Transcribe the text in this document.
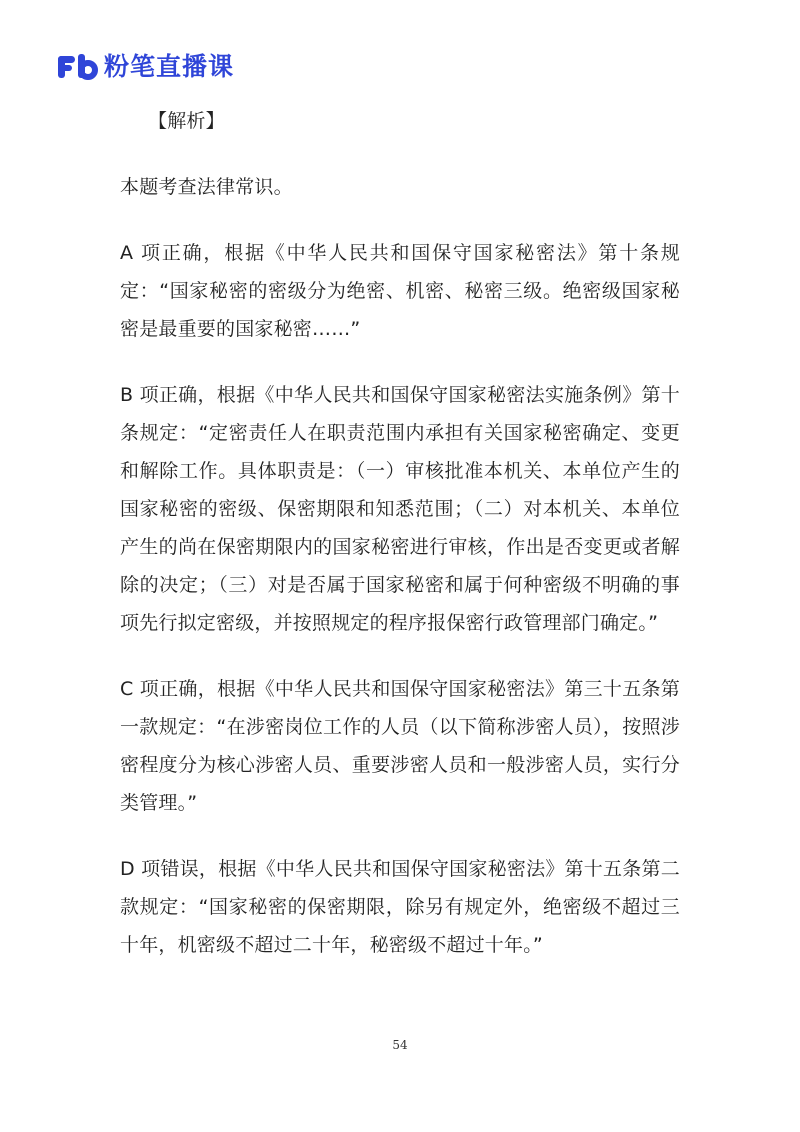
Fb 粉笔直播课

【解析】

本题考查法律常识。

A 项正确，根据《中华人民共和国保守国家秘密法》第十条规定：“国家秘密的密级分为绝密、机密、秘密三级。绝密级国家秘密是最重要的国家秘密……”

B 项正确，根据《中华人民共和国保守国家秘密法实施条例》第十条规定：“定密责任人在职责范围内承担有关国家秘密确定、变更和解除工作。具体职责是：（一）审核批准本机关、本单位产生的国家秘密的密级、保密期限和知悉范围；（二）对本机关、本单位产生的尚在保密期限内的国家秘密进行审核，作出是否变更或者解除的决定；（三）对是否属于国家秘密和属于何种密级不明确的事项先行拟定密级，并按照规定的程序报保密行政管理部门确定。”

C 项正确，根据《中华人民共和国保守国家秘密法》第三十五条第一款规定：“在涉密岗位工作的人员（以下简称涉密人员），按照涉密程度分为核心涉密人员、重要涉密人员和一般涉密人员，实行分类管理。”

D 项错误，根据《中华人民共和国保守国家秘密法》第十五条第二款规定：“国家秘密的保密期限，除另有规定外，绝密级不超过三十年，机密级不超过二十年，秘密级不超过十年。”

54
